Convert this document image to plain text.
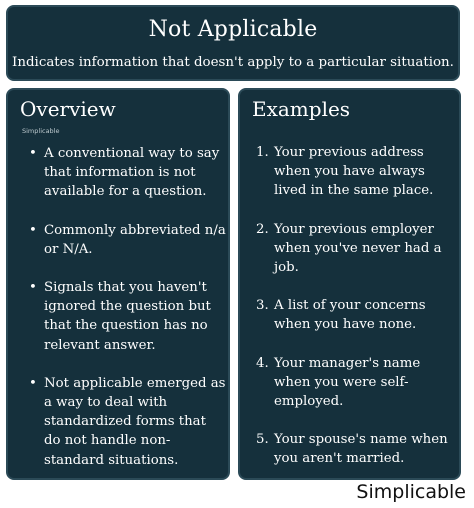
Not Applicable
Indicates information that doesn't apply to a particular situation.
Overview
Simplicable
• A conventional way to say that information is not available for a question.
• Commonly abbreviated n/a or N/A.
• Signals that you haven't ignored the question but that the question has no relevant answer.
• Not applicable emerged as a way to deal with standardized forms that do not handle non-standard situations.
Examples
1. Your previous address when you have always lived in the same place.
2. Your previous employer when you've never had a job.
3. A list of your concerns when you have none.
4. Your manager's name when you were self-employed.
5. Your spouse's name when you aren't married.
Simplicable
